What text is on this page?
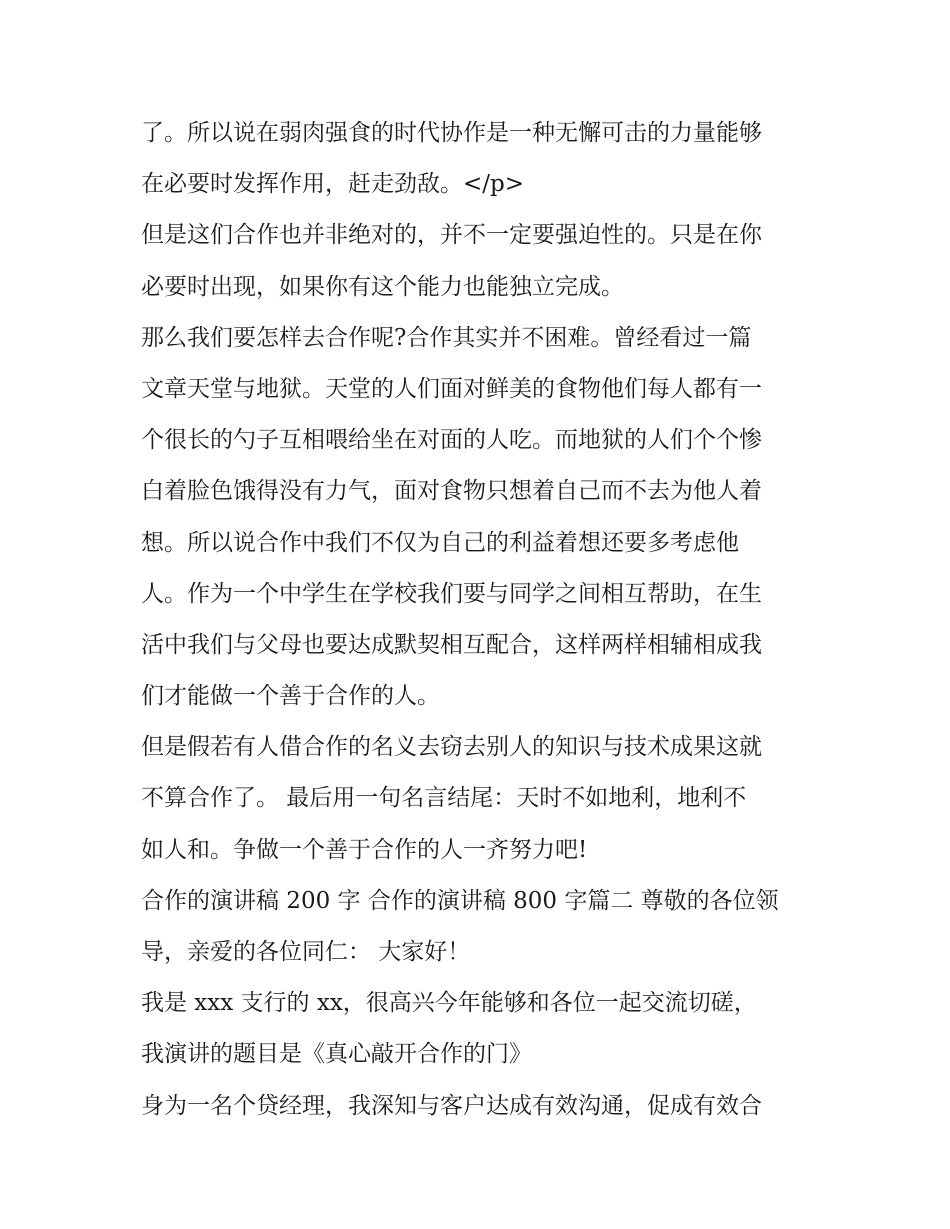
了。所以说在弱肉强食的时代协作是一种无懈可击的力量能够
在必要时发挥作用，赶走劲敌。</p>
但是这们合作也并非绝对的，并不一定要强迫性的。只是在你
必要时出现，如果你有这个能力也能独立完成。
那么我们要怎样去合作呢?合作其实并不困难。曾经看过一篇
文章天堂与地狱。天堂的人们面对鲜美的食物他们每人都有一
个很长的勺子互相喂给坐在对面的人吃。而地狱的人们个个惨
白着脸色饿得没有力气，面对食物只想着自己而不去为他人着
想。所以说合作中我们不仅为自己的利益着想还要多考虑他
人。作为一个中学生在学校我们要与同学之间相互帮助，在生
活中我们与父母也要达成默契相互配合，这样两样相辅相成我
们才能做一个善于合作的人。
但是假若有人借合作的名义去窃去别人的知识与技术成果这就
不算合作了。 最后用一句名言结尾：天时不如地利，地利不
如人和。争做一个善于合作的人一齐努力吧!
合作的演讲稿 200 字 合作的演讲稿 800 字篇二 尊敬的各位领
导，亲爱的各位同仁： 大家好！
我是 xxx 支行的 xx，很高兴今年能够和各位一起交流切磋，
我演讲的题目是《真心敲开合作的门》
身为一名个贷经理，我深知与客户达成有效沟通，促成有效合
